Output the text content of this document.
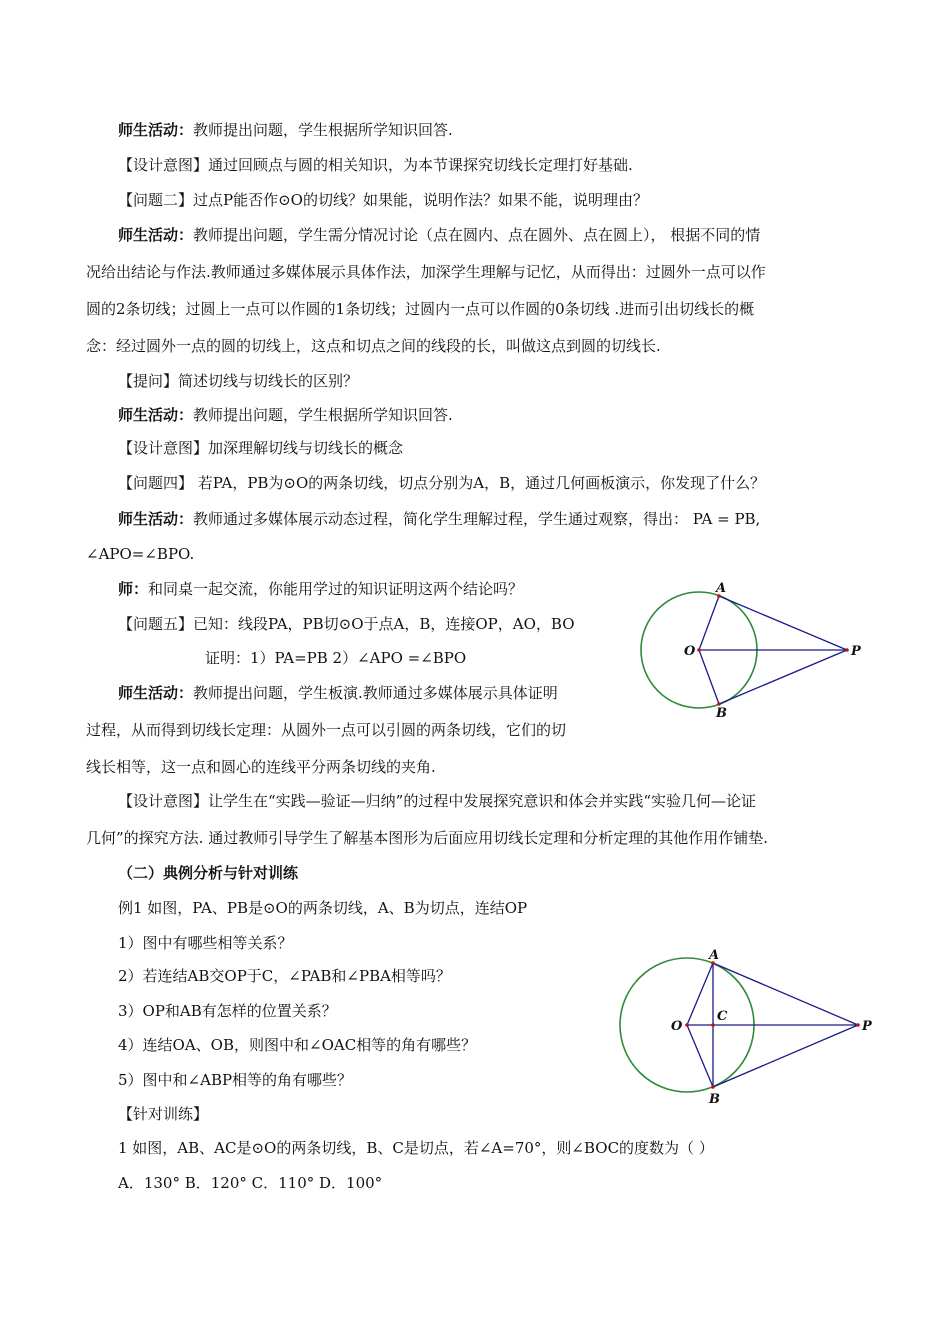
师生活动：教师提出问题，学生根据所学知识回答.
【设计意图】通过回顾点与圆的相关知识，为本节课探究切线长定理打好基础.
【问题二】过点P能否作⊙O的切线？如果能，说明作法？如果不能，说明理由？
师生活动：教师提出问题，学生需分情况讨论（点在圆内、点在圆外、点在圆上）， 根据不同的情
况给出结论与作法.教师通过多媒体展示具体作法，加深学生理解与记忆，从而得出：过圆外一点可以作
圆的2条切线；过圆上一点可以作圆的1条切线；过圆内一点可以作圆的0条切线 .进而引出切线长的概
念：经过圆外一点的圆的切线上，这点和切点之间的线段的长，叫做这点到圆的切线长.
【提问】简述切线与切线长的区别？
师生活动：教师提出问题，学生根据所学知识回答.
【设计意图】加深理解切线与切线长的概念
【问题四】 若PA，PB为⊙O的两条切线，切点分别为A，B，通过几何画板演示，你发现了什么？
师生活动：教师通过多媒体展示动态过程，简化学生理解过程，学生通过观察，得出： PA = PB,
∠APO=∠BPO.
师：和同桌一起交流，你能用学过的知识证明这两个结论吗？
【问题五】已知：线段PA，PB切⊙O于点A，B，连接OP，AO，BO
证明：1）PA=PB 2）∠APO =∠BPO
师生活动：教师提出问题，学生板演.教师通过多媒体展示具体证明
过程，从而得到切线长定理：从圆外一点可以引圆的两条切线，它们的切
线长相等，这一点和圆心的连线平分两条切线的夹角.
【设计意图】让学生在“实践—验证—归纳”的过程中发展探究意识和体会并实践“实验几何—论证
几何”的探究方法. 通过教师引导学生了解基本图形为后面应用切线长定理和分析定理的其他作用作铺垫.
（二）典例分析与针对训练
例1 如图，PA、PB是⊙O的两条切线，A、B为切点，连结OP
1）图中有哪些相等关系？
2）若连结AB交OP于C，∠PAB和∠PBA相等吗？
3）OP和AB有怎样的位置关系？
4）连结OA、OB，则图中和∠OAC相等的角有哪些？
5）图中和∠ABP相等的角有哪些？
【针对训练】
1 如图，AB、AC是⊙O的两条切线，B、C是切点，若∠A=70°，则∠BOC的度数为（ ）
A．130° B．120° C．110° D．100°
A
B
O	P
A
B
O
C
P
